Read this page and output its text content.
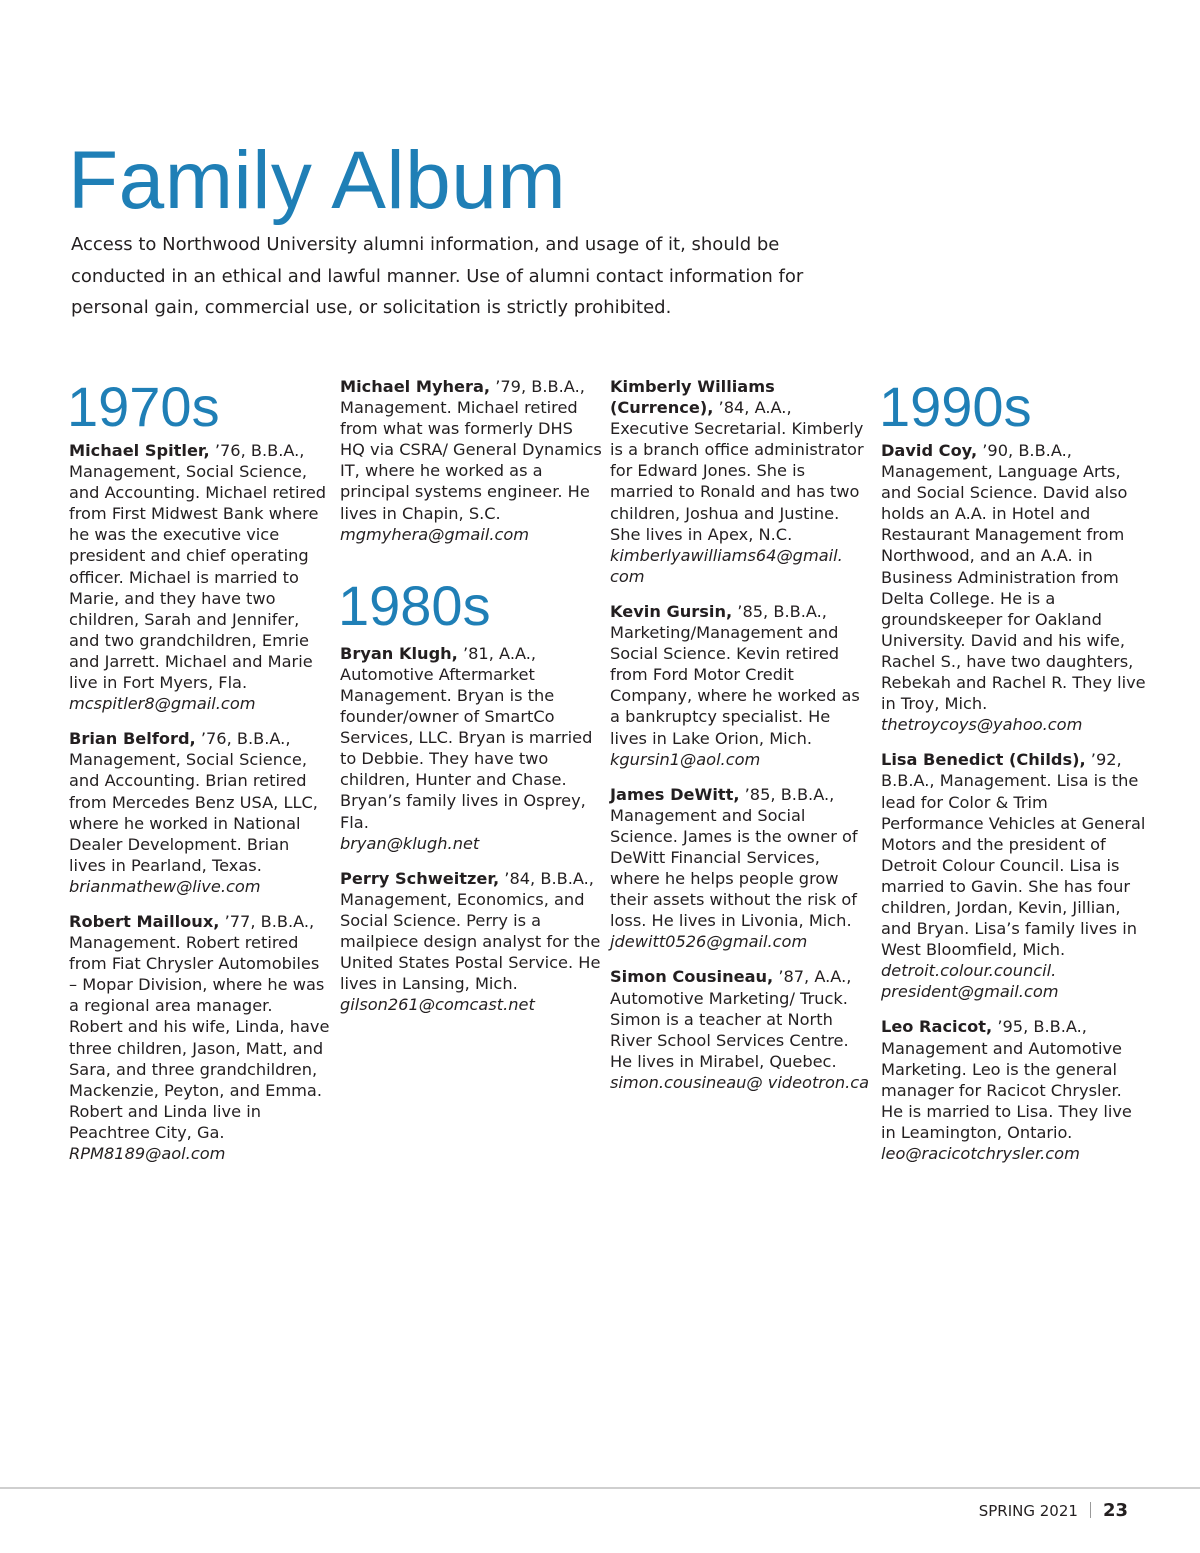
Family Album

Access to Northwood University alumni information, and usage of it, should be conducted in an ethical and lawful manner. Use of alumni contact information for personal gain, commercial use, or solicitation is strictly prohibited.

1970s
Michael Spitler, ’76, B.B.A., Management, Social Science, and Accounting. Michael retired from First Midwest Bank where he was the executive vice president and chief operating officer. Michael is married to Marie, and they have two children, Sarah and Jennifer, and two grandchildren, Emrie and Jarrett. Michael and Marie live in Fort Myers, Fla.
mcspitler8@gmail.com
Brian Belford, ’76, B.B.A., Management, Social Science, and Accounting. Brian retired from Mercedes Benz USA, LLC, where he worked in National Dealer Development. Brian lives in Pearland, Texas.
brianmathew@live.com
Robert Mailloux, ’77, B.B.A., Management. Robert retired from Fiat Chrysler Automobiles – Mopar Division, where he was a regional area manager. Robert and his wife, Linda, have three children, Jason, Matt, and Sara, and three grandchildren, Mackenzie, Peyton, and Emma. Robert and Linda live in Peachtree City, Ga.
RPM8189@aol.com
Michael Myhera, ’79, B.B.A., Management. Michael retired from what was formerly DHS HQ via CSRA/ General Dynamics IT, where he worked as a principal systems engineer. He lives in Chapin, S.C.
mgmyhera@gmail.com
1980s
Bryan Klugh, ’81, A.A., Automotive Aftermarket Management. Bryan is the founder/owner of SmartCo Services, LLC. Bryan is married to Debbie. They have two children, Hunter and Chase. Bryan’s family lives in Osprey, Fla.
bryan@klugh.net
Perry Schweitzer, ’84, B.B.A., Management, Economics, and Social Science. Perry is a mailpiece design analyst for the United States Postal Service. He lives in Lansing, Mich.
gilson261@comcast.net
Kimberly Williams (Currence), ’84, A.A., Executive Secretarial. Kimberly is a branch office administrator for Edward Jones. She is married to Ronald and has two children, Joshua and Justine. She lives in Apex, N.C.
kimberlyawilliams64@gmail. com
Kevin Gursin, ’85, B.B.A., Marketing/Management and Social Science. Kevin retired from Ford Motor Credit Company, where he worked as a bankruptcy specialist. He lives in Lake Orion, Mich.
kgursin1@aol.com
James DeWitt, ’85, B.B.A., Management and Social Science. James is the owner of DeWitt Financial Services, where he helps people grow their assets without the risk of loss. He lives in Livonia, Mich.
jdewitt0526@gmail.com
Simon Cousineau, ’87, A.A., Automotive Marketing/ Truck. Simon is a teacher at North River School Services Centre. He lives in Mirabel, Quebec.
simon.cousineau@ videotron.ca
1990s
David Coy, ’90, B.B.A., Management, Language Arts, and Social Science. David also holds an A.A. in Hotel and Restaurant Management from Northwood, and an A.A. in Business Administration from Delta College. He is a groundskeeper for Oakland University. David and his wife, Rachel S., have two daughters, Rebekah and Rachel R. They live in Troy, Mich.
thetroycoys@yahoo.com
Lisa Benedict (Childs), ’92, B.B.A., Management. Lisa is the lead for Color & Trim Performance Vehicles at General Motors and the president of Detroit Colour Council. Lisa is married to Gavin. She has four children, Jordan, Kevin, Jillian, and Bryan. Lisa’s family lives in West Bloomfield, Mich.
detroit.colour.council. president@gmail.com
Leo Racicot, ’95, B.B.A., Management and Automotive Marketing. Leo is the general manager for Racicot Chrysler. He is married to Lisa. They live in Leamington, Ontario.
leo@racicotchrysler.com
SPRING 2021 23
